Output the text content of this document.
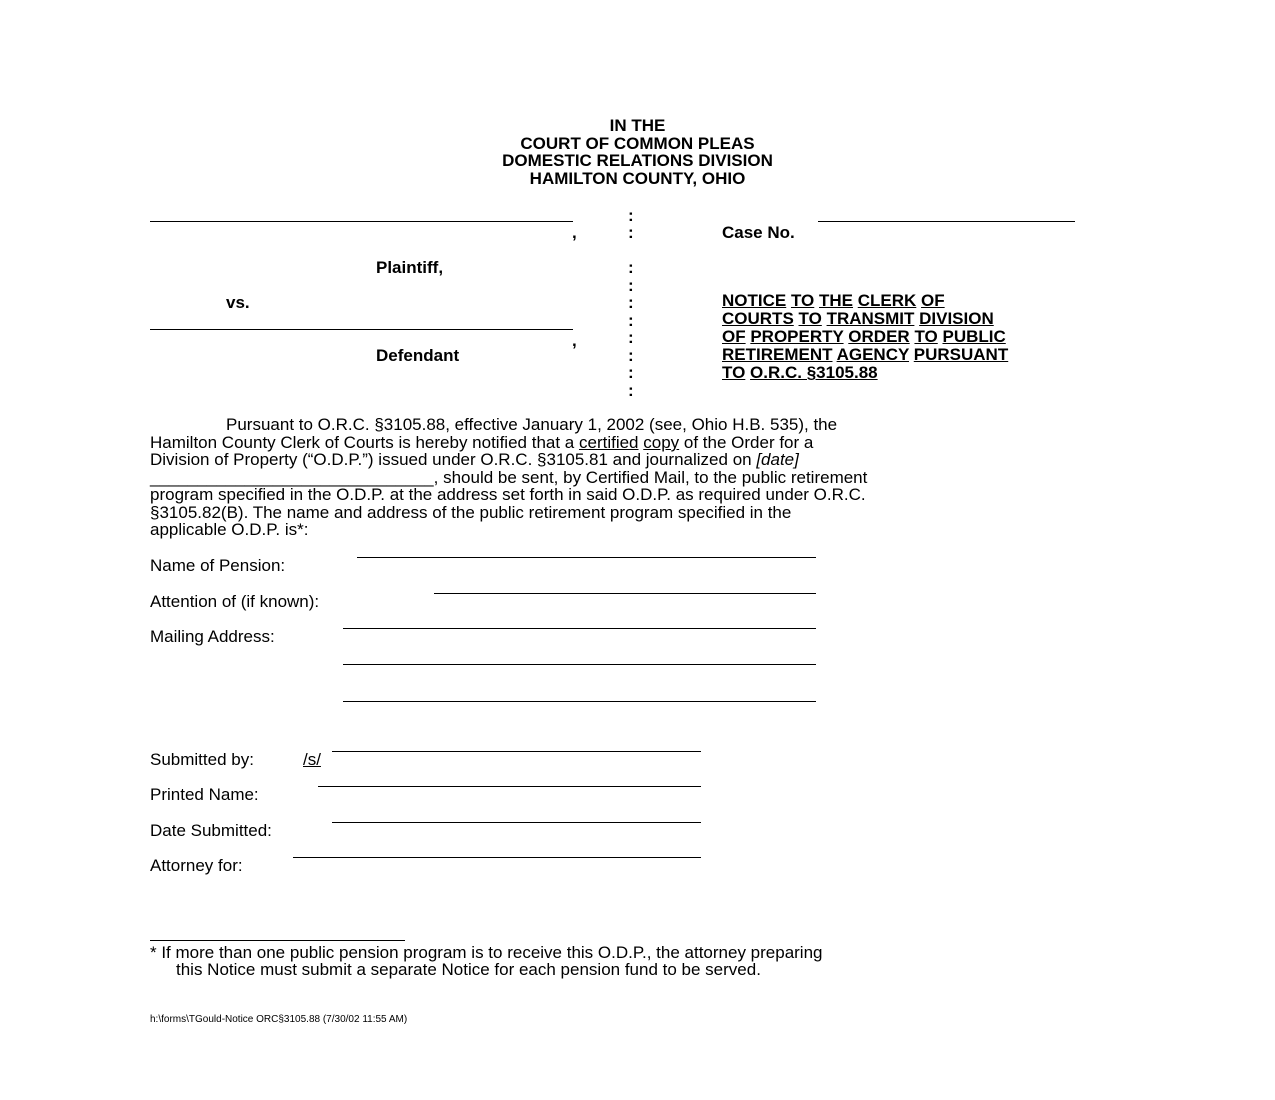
IN THE
COURT OF COMMON PLEAS
DOMESTIC RELATIONS DIVISION
HAMILTON COUNTY, OHIO
,
Plaintiff,
vs.
,
Defendant
:
:
:
:
:
:
:
:
:
:
Case No.
NOTICE TO THE CLERK OF
COURTS TO TRANSMIT DIVISION
OF PROPERTY ORDER TO PUBLIC
RETIREMENT AGENCY PURSUANT
TO O.R.C. §3105.88
Pursuant to O.R.C. §3105.88, effective January 1, 2002 (see, Ohio H.B. 535), the
Hamilton County Clerk of Courts is hereby notified that a certified copy of the Order for a
Division of Property (“O.D.P.”) issued under O.R.C. §3105.81 and journalized on [date]
______________________________, should be sent, by Certified Mail, to the public retirement
program specified in the O.D.P. at the address set forth in said O.D.P. as required under O.R.C.
§3105.82(B). The name and address of the public retirement program specified in the
applicable O.D.P. is*:
Name of Pension:
Attention of (if known):
Mailing Address:
Submitted by:	/s/
Printed Name:
Date Submitted:
Attorney for:
* If more than one public pension program is to receive this O.D.P., the attorney preparing
this Notice must submit a separate Notice for each pension fund to be served.
h:\forms\TGould-Notice ORC§3105.88 (7/30/02 11:55 AM)
